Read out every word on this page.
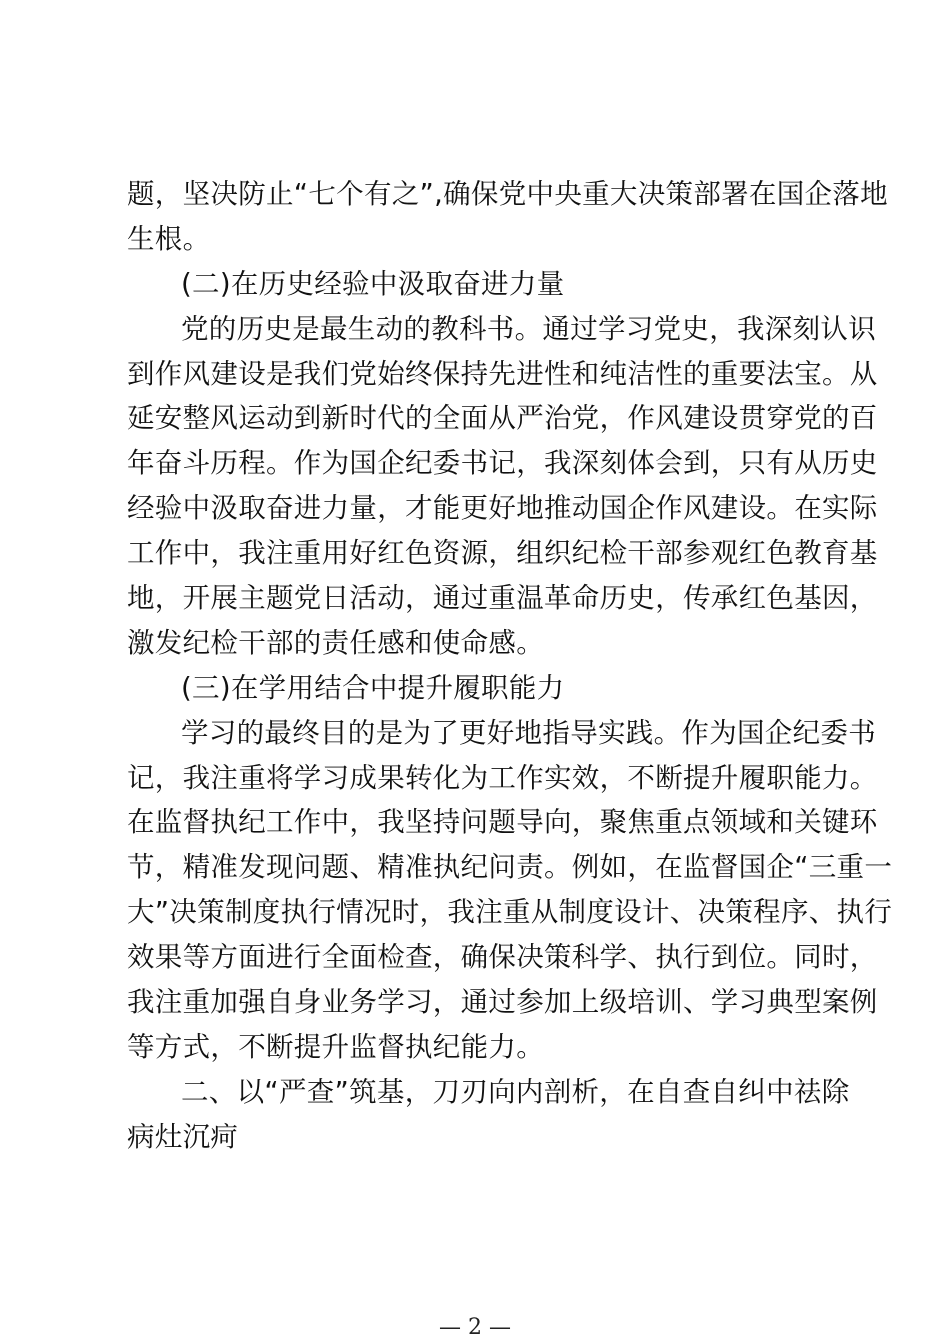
题，坚决防止“七个有之”,确保党中央重大决策部署在国企落地
生根。
(二)在历史经验中汲取奋进力量
党的历史是最生动的教科书。通过学习党史，我深刻认识
到作风建设是我们党始终保持先进性和纯洁性的重要法宝。从
延安整风运动到新时代的全面从严治党，作风建设贯穿党的百
年奋斗历程。作为国企纪委书记，我深刻体会到，只有从历史
经验中汲取奋进力量，才能更好地推动国企作风建设。在实际
工作中，我注重用好红色资源，组织纪检干部参观红色教育基
地，开展主题党日活动，通过重温革命历史，传承红色基因，
激发纪检干部的责任感和使命感。
(三)在学用结合中提升履职能力
学习的最终目的是为了更好地指导实践。作为国企纪委书
记，我注重将学习成果转化为工作实效，不断提升履职能力。
在监督执纪工作中，我坚持问题导向，聚焦重点领域和关键环
节，精准发现问题、精准执纪问责。例如，在监督国企“三重一
大”决策制度执行情况时，我注重从制度设计、决策程序、执行
效果等方面进行全面检查，确保决策科学、执行到位。同时，
我注重加强自身业务学习，通过参加上级培训、学习典型案例
等方式，不断提升监督执纪能力。
二、以“严查”筑基，刀刃向内剖析，在自查自纠中祛除
病灶沉疴
— 2 —
